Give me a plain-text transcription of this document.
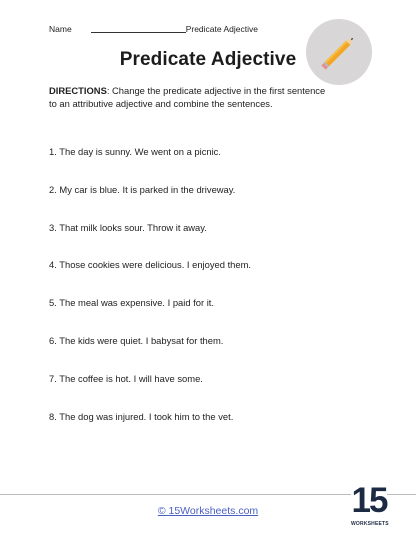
Name	Predicate Adjective
Predicate Adjective
DIRECTIONS: Change the predicate adjective in the first sentence to an attributive adjective and combine the sentences.
1. The day is sunny. We went on a picnic.
2. My car is blue. It is parked in the driveway.
3. That milk looks sour. Throw it away.
4. Those cookies were delicious. I enjoyed them.
5. The meal was expensive. I paid for it.
6. The kids were quiet. I babysat for them.
7. The coffee is hot. I will have some.
8. The dog was injured. I took him to the vet.
© 15Worksheets.com	15
WORKSHEETS
